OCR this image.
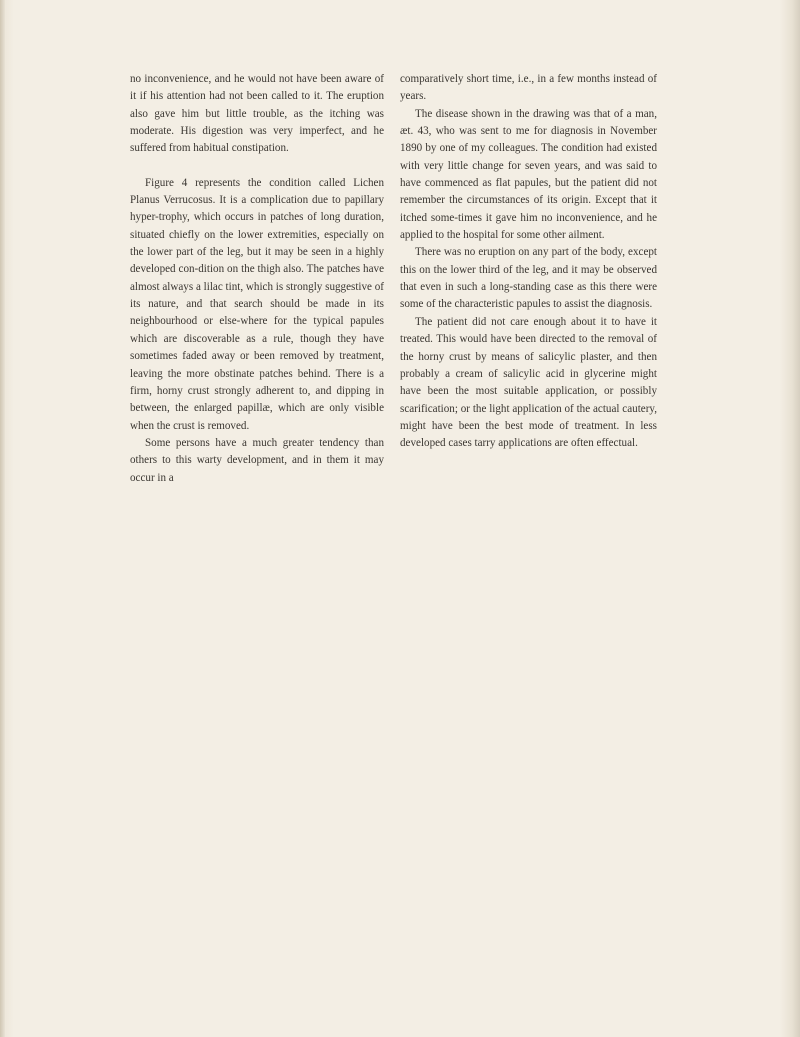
no inconvenience, and he would not have been aware of it if his attention had not been called to it. The eruption also gave him but little trouble, as the itching was moderate. His digestion was very imperfect, and he suffered from habitual constipation.

Figure 4 represents the condition called Lichen Planus Verrucosus. It is a complication due to papillary hyper-trophy, which occurs in patches of long duration, situated chiefly on the lower extremities, especially on the lower part of the leg, but it may be seen in a highly developed con-dition on the thigh also. The patches have almost always a lilac tint, which is strongly suggestive of its nature, and that search should be made in its neighbourhood or else-where for the typical papules which are discoverable as a rule, though they have sometimes faded away or been removed by treatment, leaving the more obstinate patches behind. There is a firm, horny crust strongly adherent to, and dipping in between, the enlarged papillæ, which are only visible when the crust is removed.

Some persons have a much greater tendency than others to this warty development, and in them it may occur in a

comparatively short time, i.e., in a few months instead of years.

The disease shown in the drawing was that of a man, æt. 43, who was sent to me for diagnosis in November 1890 by one of my colleagues. The condition had existed with very little change for seven years, and was said to have commenced as flat papules, but the patient did not remember the circumstances of its origin. Except that it itched some-times it gave him no inconvenience, and he applied to the hospital for some other ailment.

There was no eruption on any part of the body, except this on the lower third of the leg, and it may be observed that even in such a long-standing case as this there were some of the characteristic papules to assist the diagnosis.

The patient did not care enough about it to have it treated. This would have been directed to the removal of the horny crust by means of salicylic plaster, and then probably a cream of salicylic acid in glycerine might have been the most suitable application, or possibly scarification; or the light application of the actual cautery, might have been the best mode of treatment. In less developed cases tarry applications are often effectual.
